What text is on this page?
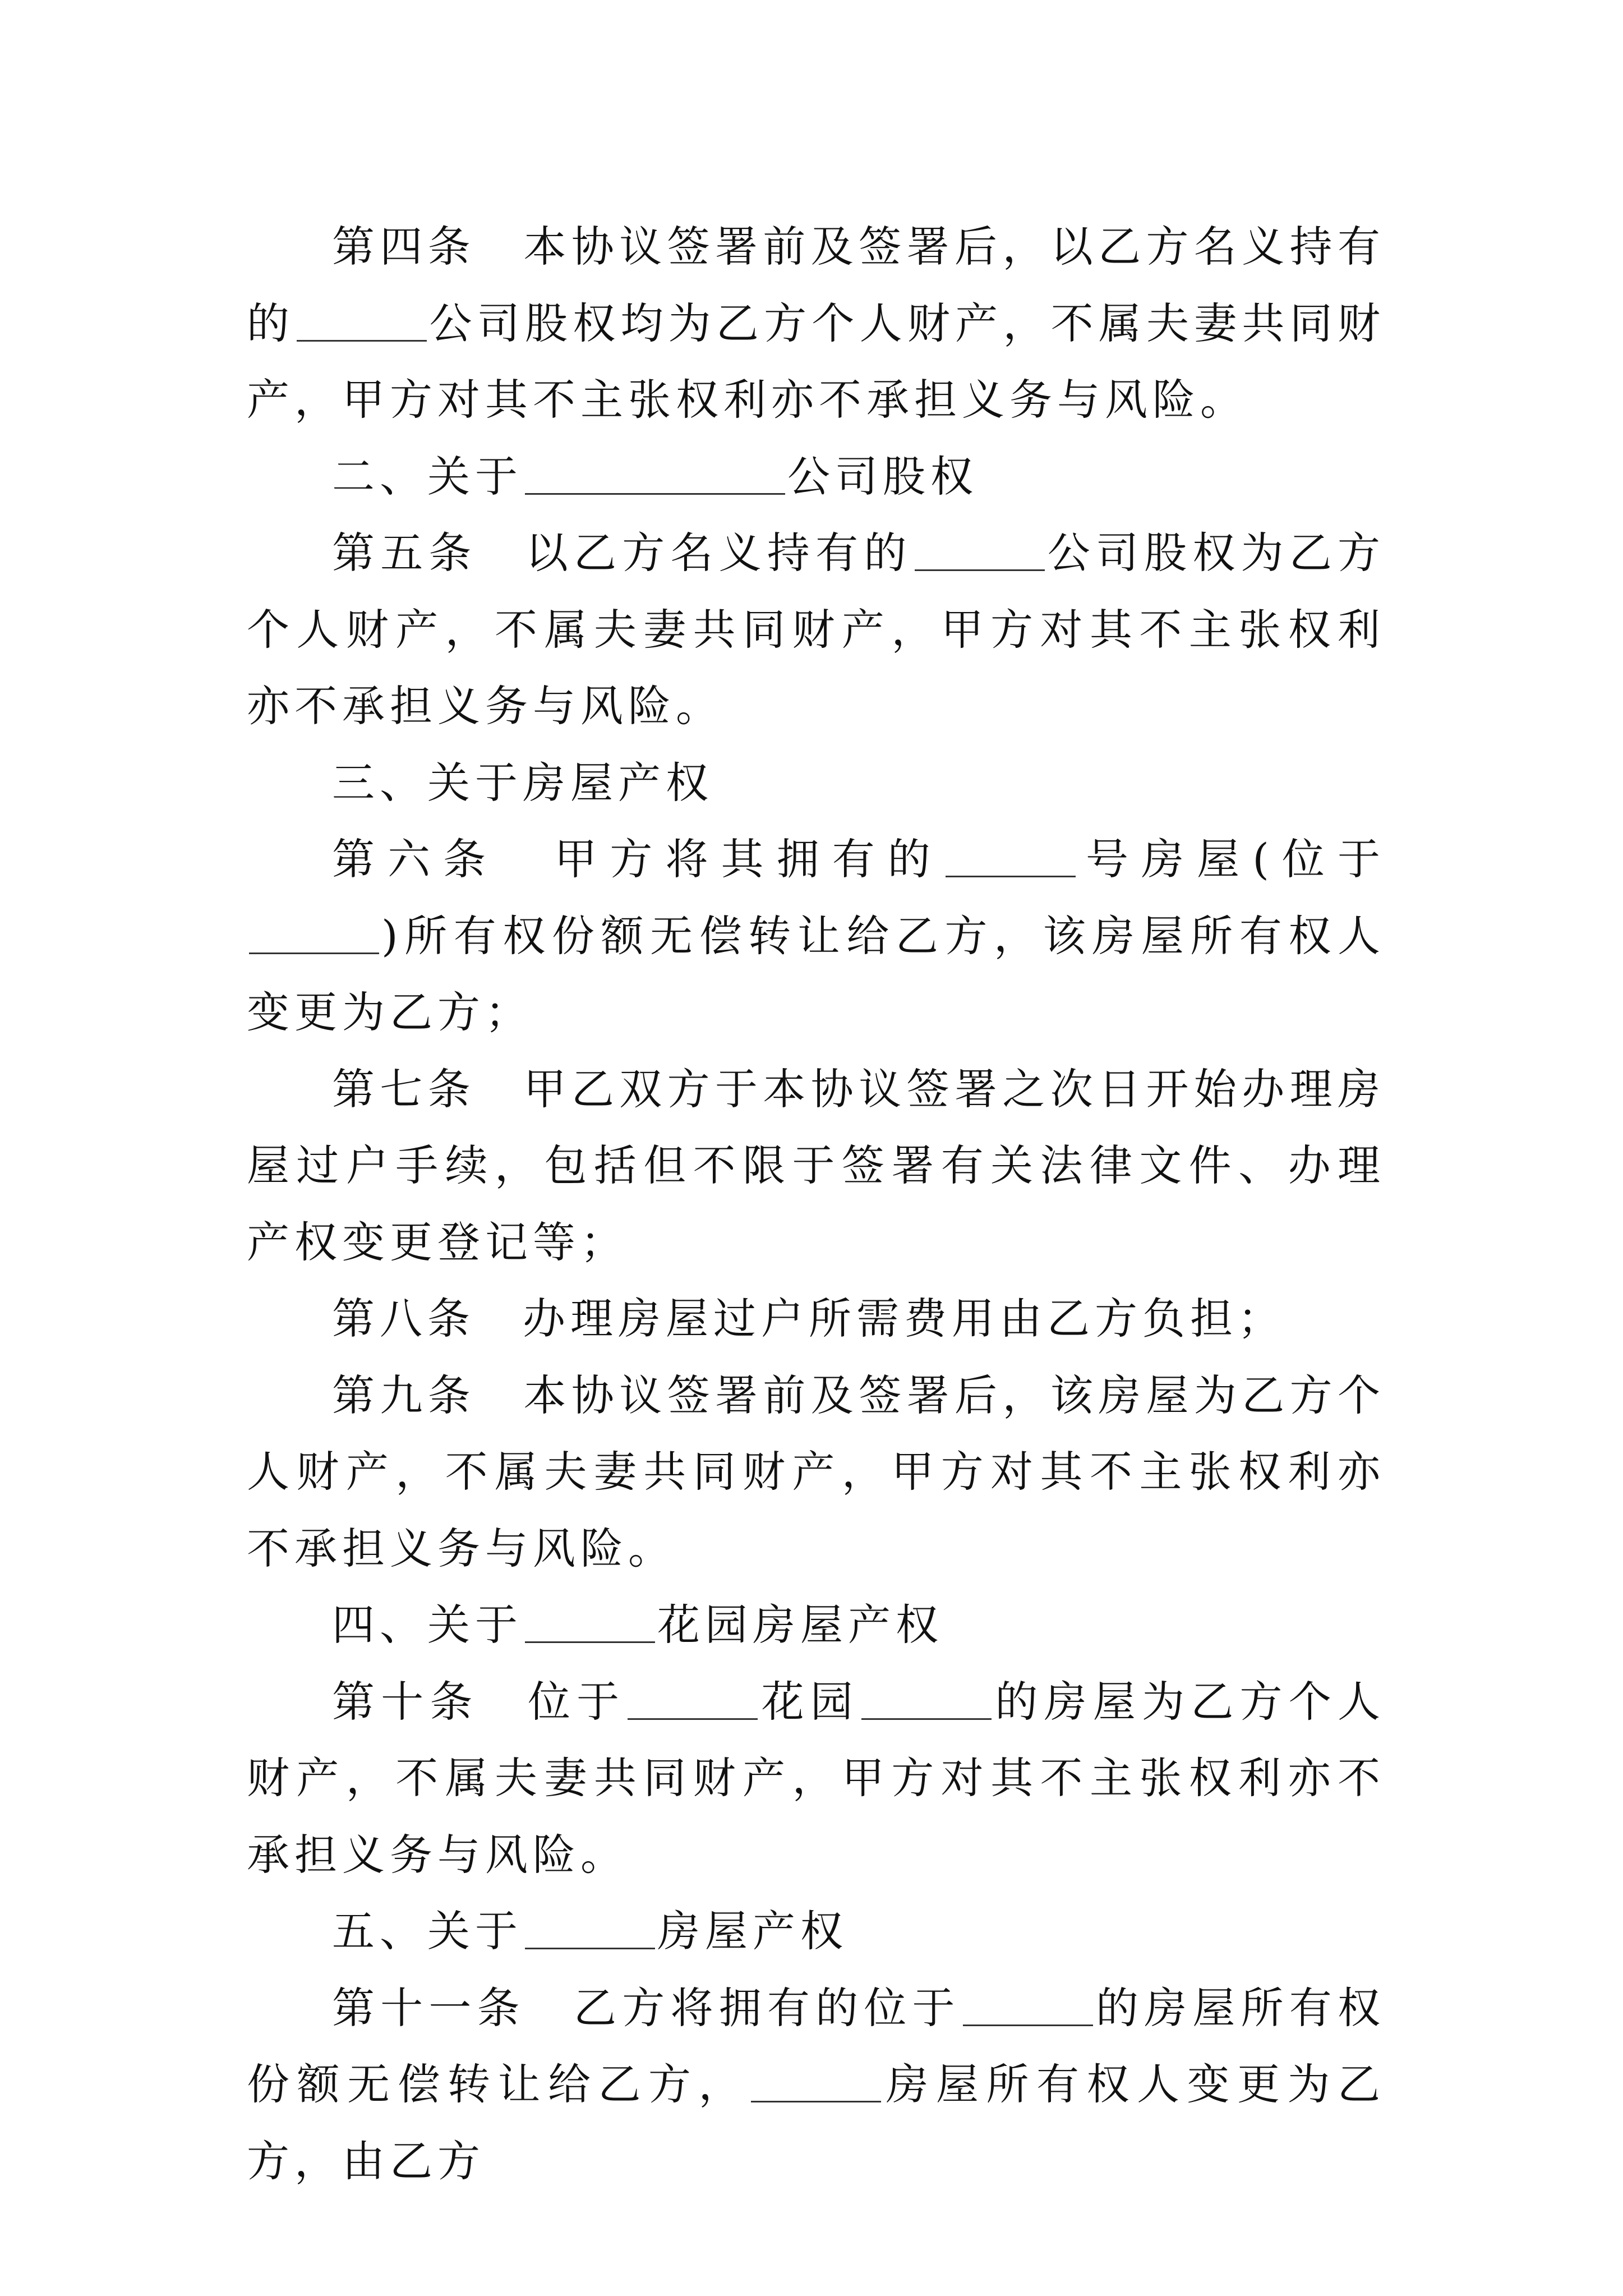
第四条　本协议签署前及签署后，以乙方名义持有的	公司股权均为乙方个人财产，不属夫妻共同财产，甲方对其不主张权利亦不承担义务与风险。

二、关于	公司股权

第五条　以乙方名义持有的	公司股权为乙方个人财产，不属夫妻共同财产，甲方对其不主张权利亦不承担义务与风险。

三、关于房屋产权

第六条　甲方将其拥有的	号房屋(位于)所有权份额无偿转让给乙方，该房屋所有权人变更为乙方；

第七条　甲乙双方于本协议签署之次日开始办理房屋过户手续，包括但不限于签署有关法律文件、办理产权变更登记等；

第八条　办理房屋过户所需费用由乙方负担；

第九条　本协议签署前及签署后，该房屋为乙方个人财产，不属夫妻共同财产，甲方对其不主张权利亦不承担义务与风险。

四、关于	花园房屋产权

第十条　位于	花园	的房屋为乙方个人财产，不属夫妻共同财产，甲方对其不主张权利亦不承担义务与风险。

五、关于	房屋产权

第十一条　乙方将拥有的位于	的房屋所有权份额无偿转让给乙方，	房屋所有权人变更为乙方，由乙方
